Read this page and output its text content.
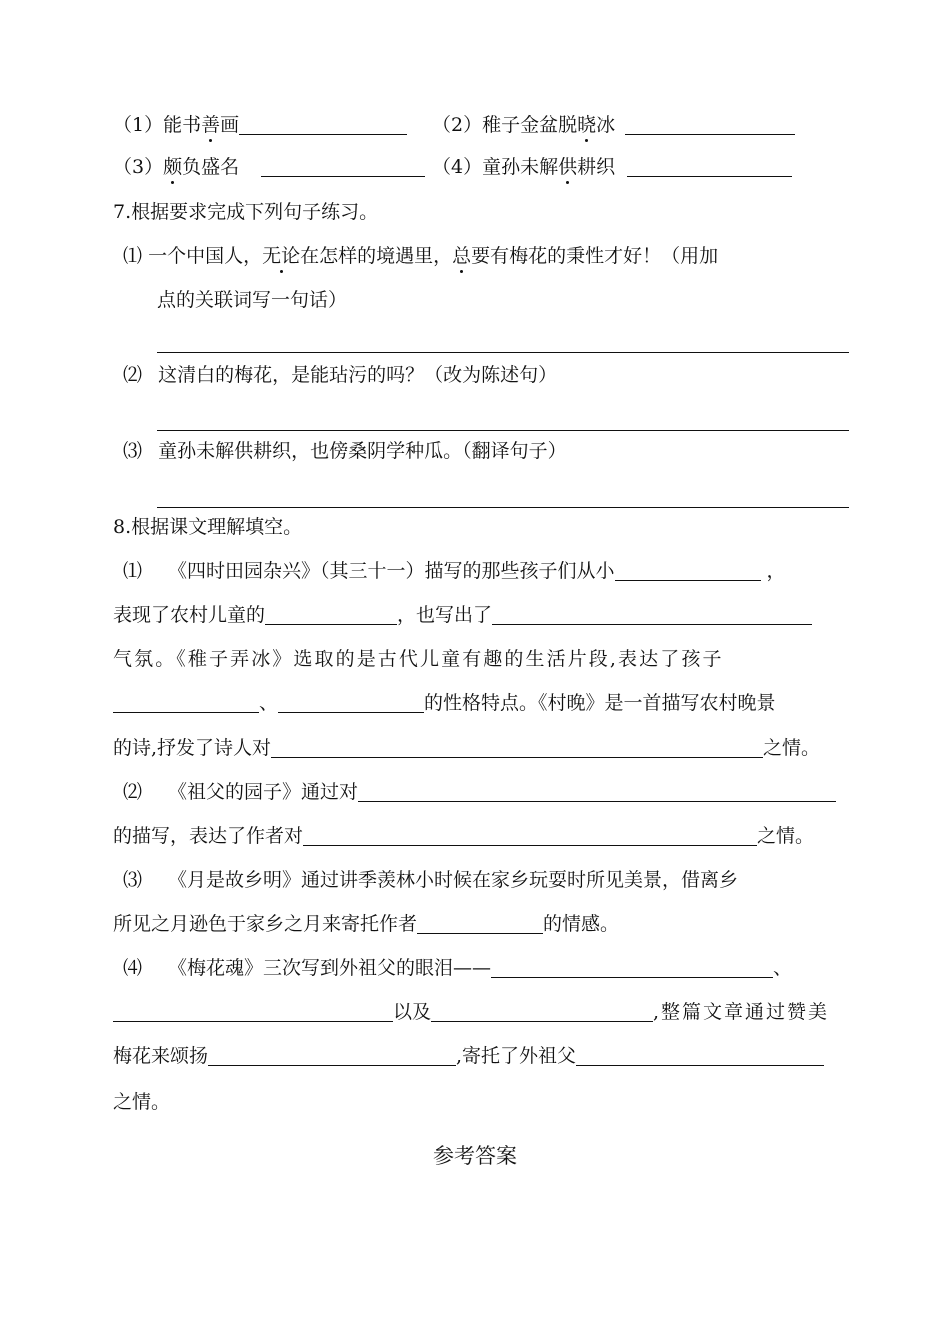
（1）能书善画	（2）稚子金盆脱晓冰
（3）颇负盛名	（4）童孙未解供耕织
7.根据要求完成下列句子练习。
⑴ 一个中国人，无论在怎样的境遇里，总要有梅花的秉性才好！（用加
点的关联词写一句话）
⑵ 这清白的梅花，是能玷污的吗？（改为陈述句）
⑶ 童孙未解供耕织，也傍桑阴学种瓜。（翻译句子）
8.根据课文理解填空。
⑴ 《四时田园杂兴》（其三十一）描写的那些孩子们从小	，
表现了农村儿童的	，也写出了
气氛。《稚子弄冰》选取的是古代儿童有趣的生活片段,表达了孩子
、	的性格特点。《村晚》是一首描写农村晚景
的诗,抒发了诗人对	之情。
⑵ 《祖父的园子》通过对
的描写，表达了作者对	之情。
⑶ 《月是故乡明》通过讲季羡林小时候在家乡玩耍时所见美景，借离乡
所见之月逊色于家乡之月来寄托作者	的情感。
⑷ 《梅花魂》三次写到外祖父的眼泪——	、
以及	,整篇文章通过赞美
梅花来颂扬	,寄托了外祖父
之情。
参考答案
